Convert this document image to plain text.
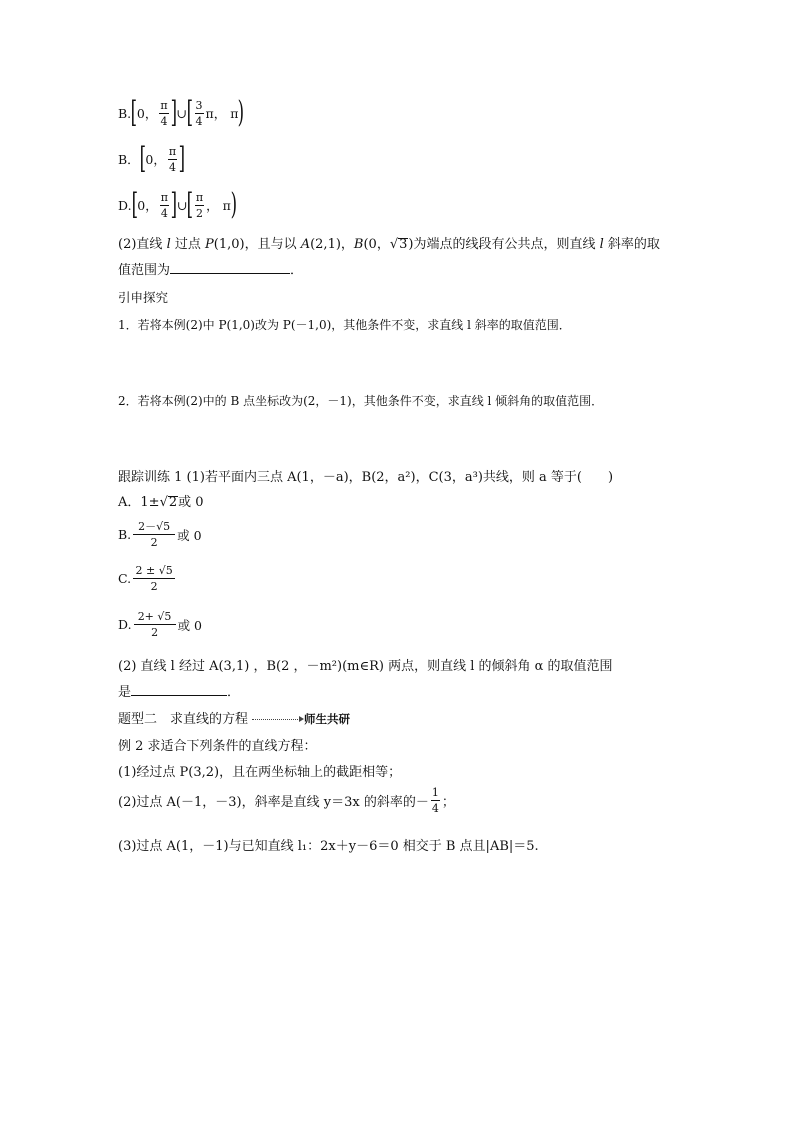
B. [ 0， $\frac{\pi}{4}$ ] ∪ [ $\frac{3}{4}$ π， π )
B． [ 0， $\frac{\pi}{4}$ ]
D. [ 0， $\frac{\pi}{4}$ ] ∪ [ $\frac{\pi}{2}$ ， π )
(2)直线 l 过点 P(1,0)，且与以 A(2,1)，B(0，√3)为端点的线段有公共点，则直线 l 斜率的取
值范围为	．
引申探究
1．若将本例(2)中 P(1,0)改为 P(－1,0)，其他条件不变，求直线 l 斜率的取值范围．
2．若将本例(2)中的 B 点坐标改为(2，－1)，其他条件不变，求直线 l 倾斜角的取值范围．
跟踪训练 1 (1)若平面内三点 A(1，－a)，B(2，a²)，C(3，a³)共线，则 a 等于(　　)
A．1±√2或 0
B. $\frac{2-√5}{2}$ 或 0
C. $\frac{2 \pm √5}{2}$
D. $\frac{2+ √5}{2}$ 或 0
(2) 直线 l 经过 A(3,1) ，B(2 ，－m²)(m∈R) 两点，则直线 l 的倾斜角 α 的取值范围
是	．
题型二　求直线的方程	师生共研
例 2 求适合下列条件的直线方程：
(1)经过点 P(3,2)，且在两坐标轴上的截距相等；
(2)过点 A(－1，－3)，斜率是直线 y＝3x 的斜率的－ $\frac{1}{4}$ ；
(3)过点 A(1，－1)与已知直线 l₁：2x＋y－6＝0 相交于 B 点且|AB|＝5.
